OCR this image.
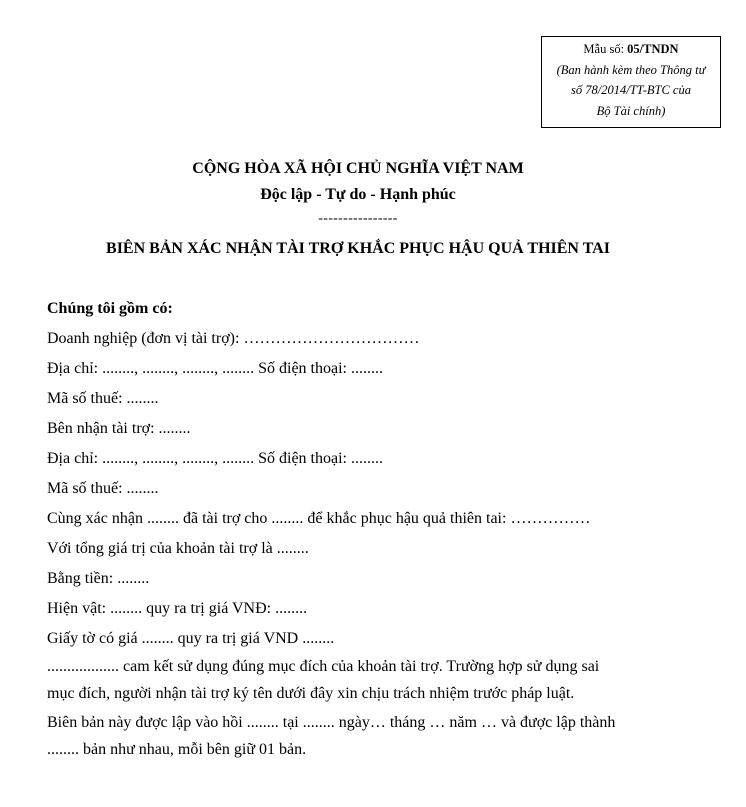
Mẫu số: 05/TNDN
(Ban hành kèm theo Thông tư
số 78/2014/TT-BTC của
Bộ Tài chính)
CỘNG HÒA XÃ HỘI CHỦ NGHĨA VIỆT NAM
Độc lập - Tự do - Hạnh phúc
----------------
BIÊN BẢN XÁC NHẬN TÀI TRỢ KHẮC PHỤC HẬU QUẢ THIÊN TAI
Chúng tôi gồm có:
Doanh nghiệp (đơn vị tài trợ): ……………………………
Địa chỉ: ........, ........, ........, ........ Số điện thoại: ........
Mã số thuế: ........
Bên nhận tài trợ: ........
Địa chỉ: ........, ........, ........, ........ Số điện thoại: ........
Mã số thuế: ........
Cùng xác nhận ........ đã tài trợ cho ........ để khắc phục hậu quả thiên tai: ……………
Với tổng giá trị của khoản tài trợ là ........
Bằng tiền: ........
Hiện vật: ........ quy ra trị giá VNĐ: ........
Giấy tờ có giá ........ quy ra trị giá VND ........
.................. cam kết sử dụng đúng mục đích của khoản tài trợ. Trường hợp sử dụng sai
mục đích, người nhận tài trợ ký tên dưới đây xin chịu trách nhiệm trước pháp luật.
Biên bản này được lập vào hồi ........ tại ........ ngày… tháng … năm … và được lập thành
........ bản như nhau, mỗi bên giữ 01 bản.
